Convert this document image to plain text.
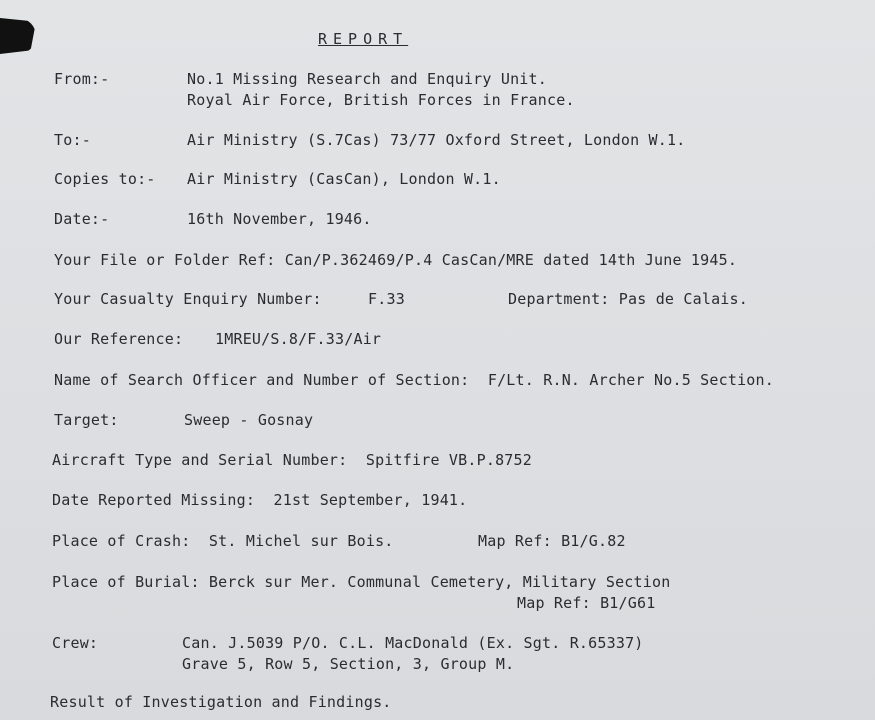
REPORT
From:-	No.1 Missing Research and Enquiry Unit.
Royal Air Force, British Forces in France.
To:-	Air Ministry (S.7Cas) 73/77 Oxford Street, London W.1.
Copies to:- Air Ministry (CasCan), London W.1.
Date:-	16th November, 1946.
Your File or Folder Ref: Can/P.362469/P.4 CasCan/MRE dated 14th June 1945.
Your Casualty Enquiry Number:	F.33	Department: Pas de Calais.
Our Reference: 1MREU/S.8/F.33/Air
Name of Search Officer and Number of Section:  F/Lt. R.N. Archer No.5 Section.
Target:	Sweep - Gosnay
Aircraft Type and Serial Number:  Spitfire VB.P.8752
Date Reported Missing:  21st September, 1941.
Place of Crash:  St. Michel sur Bois.	Map Ref: B1/G.82
Place of Burial: Berck sur Mer. Communal Cemetery, Military Section
Map Ref: B1/G61
Crew:	Can. J.5039 P/O. C.L. MacDonald (Ex. Sgt. R.65337)
Grave 5, Row 5, Section, 3, Group M.
Result of Investigation and Findings.
